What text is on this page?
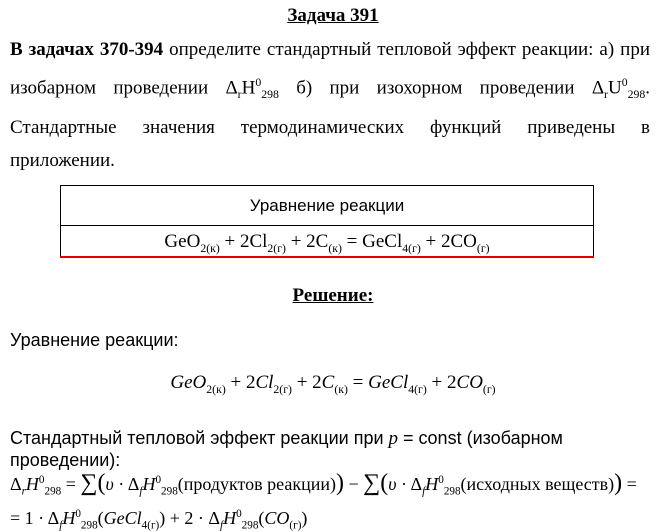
Задача 391
В задачах 370-394 определите стандартный тепловой эффект реакции: а) при изобарном проведении $\Delta_rH^0_{298}$ б) при изохорном проведении $\Delta_rU^0_{298}$. Стандартные значения термодинамических функций приведены в приложении.
Уравнение реакции
$GeO_{2(к)} + 2Cl_{2(г)} + 2C_{(к)}$ = GeCl$_{4(г)}$ + $2CO_{(г)}$
Решение:
Уравнение реакции:
$GeO_{2(к)} + 2Cl_{2(г)} + 2C_{(к)}$ = GeCl$_{4(г)}$ + $2CO_{(г)}$
Стандартный тепловой эффект реакции при p = const (изобарном проведении):
$\Delta_rH^0_{298} = \sum(\upsilon$ · $\Delta_fH^0_{298}(продуктов$ реакции)) − $\sum(\upsilon \cdot \Delta_fH^0_{298}(исходных$ веществ)) =
= $1 \cdot \Delta_fH^0_{298}(GeCl_{4(г)}) + 2 \cdot \Delta_fH^0_{298}(CO_{(г)})$
